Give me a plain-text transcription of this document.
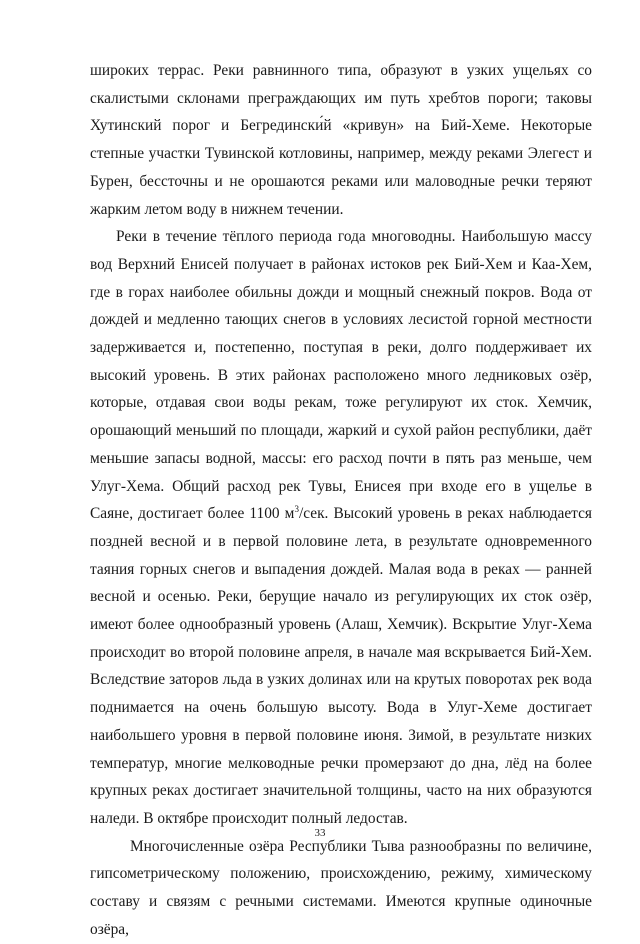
широких террас. Реки равнинного типа, образуют в узких ущельях со скалистыми склонами преграждающих им путь хребтов пороги; таковы Хутинский порог и Бегредински́й «кривун» на Бий-Хеме. Некоторые степные участки Тувинской котловины, например, между реками Элегест и Бурен, бессточны и не орошаются реками или маловодные речки теряют жарким летом воду в нижнем течении.

Реки в течение тёплого периода года многоводны. Наибольшую массу вод Верхний Енисей получает в районах истоков рек Бий-Хем и Каа-Хем, где в горах наиболее обильны дожди и мощный снежный покров. Вода от дождей и медленно тающих снегов в условиях лесистой горной местности задерживается и, постепенно, поступая в реки, долго поддерживает их высокий уровень. В этих районах расположено много ледниковых озёр, которые, отдавая свои воды рекам, тоже регулируют их сток. Хемчик, орошающий меньший по площади, жаркий и сухой район республики, даёт меньшие запасы водной, массы: его расход почти в пять раз меньше, чем Улуг-Хема. Общий расход рек Тувы, Енисея при входе его в ущелье в Саяне, достигает более 1100 $м^3$/сек. Высокий уровень в реках наблюдается поздней весной и в первой половине лета, в результате одновременного таяния горных снегов и выпадения дождей. Малая вода в реках — ранней весной и осенью. Реки, берущие начало из регулирующих их сток озёр, имеют более однообразный уровень (Алаш, Хемчик). Вскрытие Улуг-Хема происходит во второй половине апреля, в начале мая вскрывается Бий-Хем. Вследствие заторов льда в узких долинах или на крутых поворотах рек вода поднимается на очень большую высоту. Вода в Улуг-Хеме достигает наибольшего уровня в первой половине июня. Зимой, в результате низких температур, многие мелководные речки промерзают до дна, лёд на более крупных реках достигает значительной толщины, часто на них образуются наледи. В октябре происходит полный ледостав.

Многочисленные озёра Республики Тыва разнообразны по величине, гипсометрическому положению, происхождению, режиму, химическому составу и связям с речными системами. Имеются крупные одиночные озёра,

33
